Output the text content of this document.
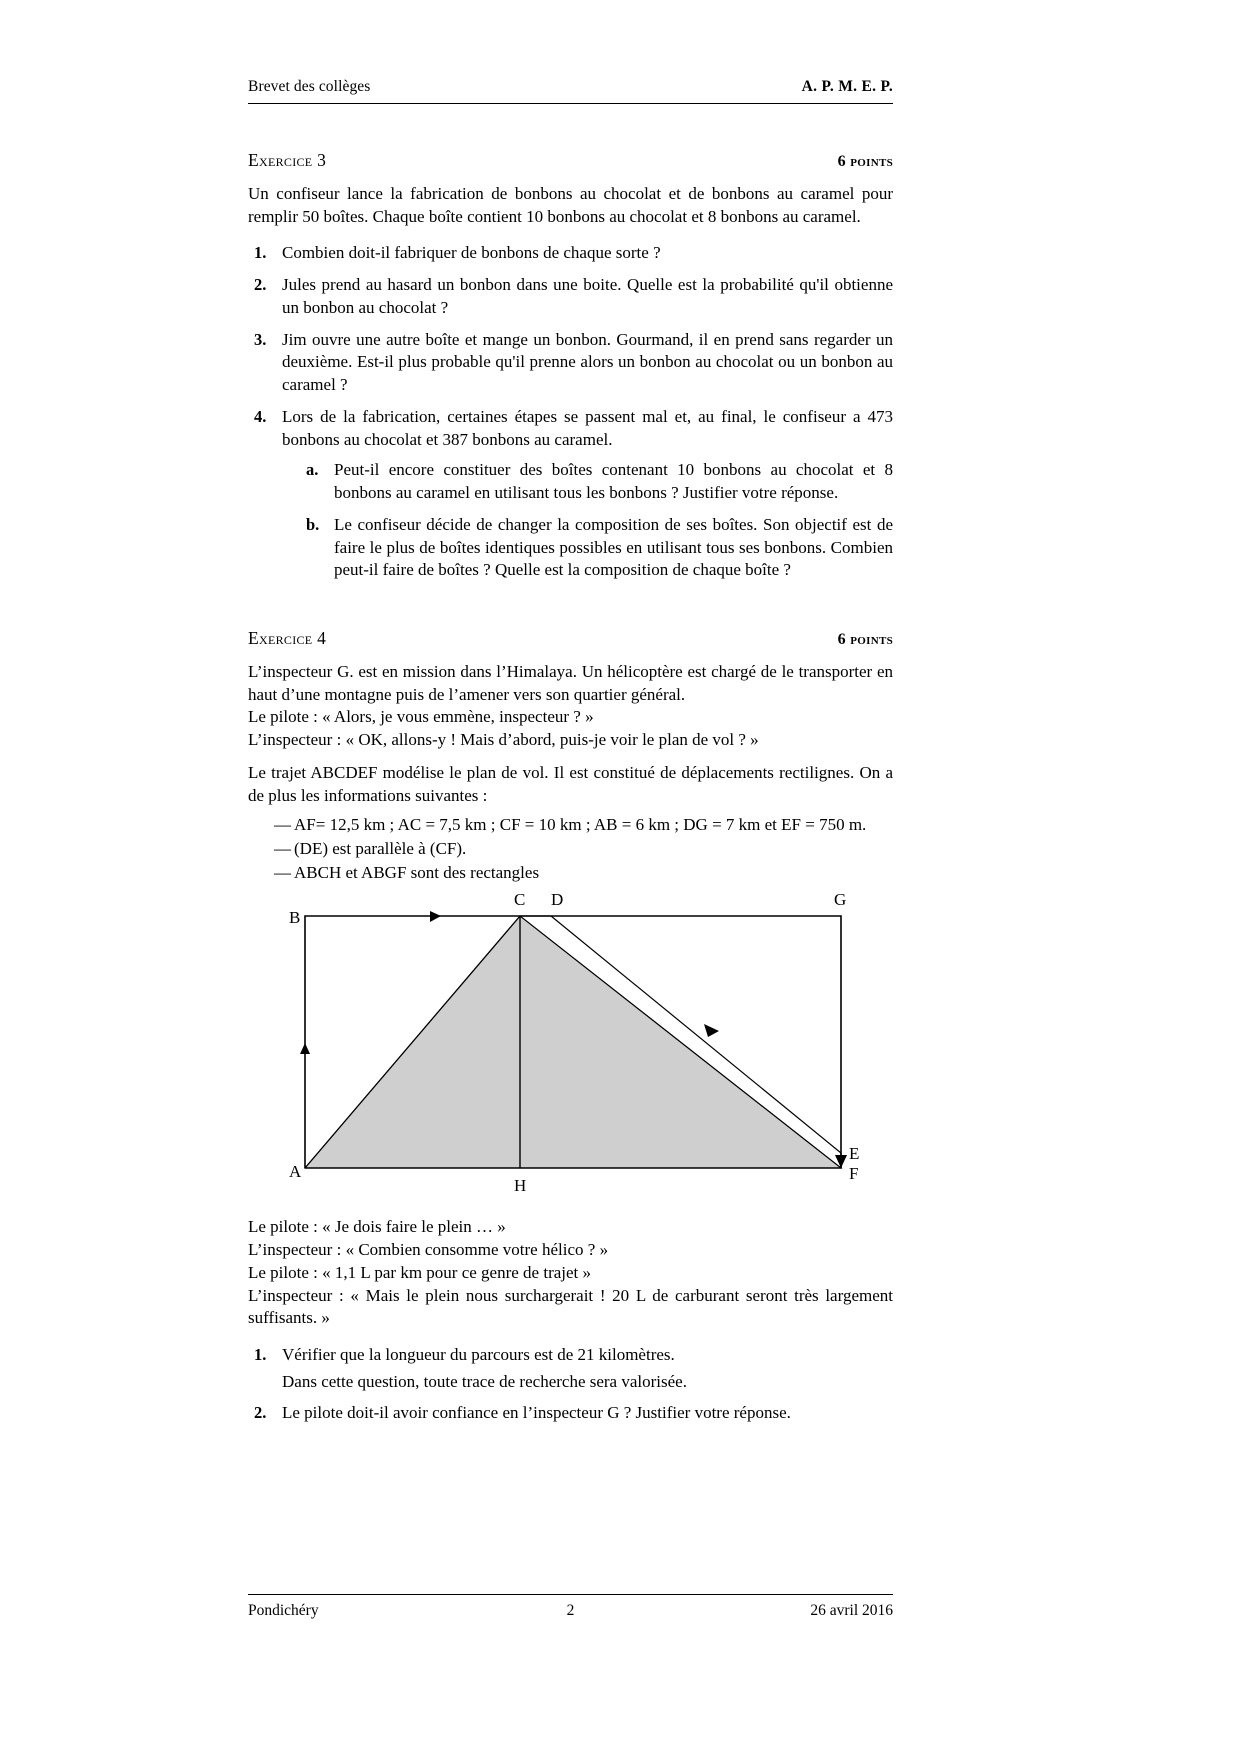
Brevet des collèges	A. P. M. E. P.
Exercice 3	6 points

Un confiseur lance la fabrication de bonbons au chocolat et de bonbons au caramel pour remplir 50 boîtes. Chaque boîte contient 10 bonbons au chocolat et 8 bonbons au caramel.

1. Combien doit-il fabriquer de bonbons de chaque sorte ?
2. Jules prend au hasard un bonbon dans une boite. Quelle est la probabilité qu'il obtienne un bonbon au chocolat ?
3. Jim ouvre une autre boîte et mange un bonbon. Gourmand, il en prend sans regarder un deuxième. Est-il plus probable qu'il prenne alors un bonbon au chocolat ou un bonbon au caramel ?
4. Lors de la fabrication, certaines étapes se passent mal et, au final, le confiseur a 473 bonbons au chocolat et 387 bonbons au caramel.
a. Peut-il encore constituer des boîtes contenant 10 bonbons au chocolat et 8 bonbons au caramel en utilisant tous les bonbons ? Justifier votre réponse.
b. Le confiseur décide de changer la composition de ses boîtes. Son objectif est de faire le plus de boîtes identiques possibles en utilisant tous ses bonbons. Combien peut-il faire de boîtes ? Quelle est la composition de chaque boîte ?
Exercice 4	6 points

L’inspecteur G. est en mission dans l’Himalaya. Un hélicoptère est chargé de le transporter en haut d’une montagne puis de l’amener vers son quartier général.

Le pilote : « Alors, je vous emmène, inspecteur ? »
L’inspecteur : « OK, allons-y ! Mais d’abord, puis-je voir le plan de vol ? »

Le trajet ABCDEF modélise le plan de vol. Il est constitué de déplacements rectilignes. On a de plus les informations suivantes :

— AF= 12,5 km ; AC = 7,5 km ; CF = 10 km ; AB = 6 km ; DG = 7 km et EF = 750 m.
— (DE) est parallèle à (CF).
— ABCH et ABGF sont des rectangles
A
B
C D
E
F
G
H
Le pilote : « Je dois faire le plein … »
L’inspecteur : « Combien consomme votre hélico ? »
Le pilote : « 1,1 L par km pour ce genre de trajet »

L’inspecteur : « Mais le plein nous surchargerait ! 20 L de carburant seront très largement suffisants. »

1. Vérifier que la longueur du parcours est de 21 kilomètres.
Dans cette question, toute trace de recherche sera valorisée.
2. Le pilote doit-il avoir confiance en l’inspecteur G ? Justifier votre réponse.
Pondichéry	2	26 avril 2016
